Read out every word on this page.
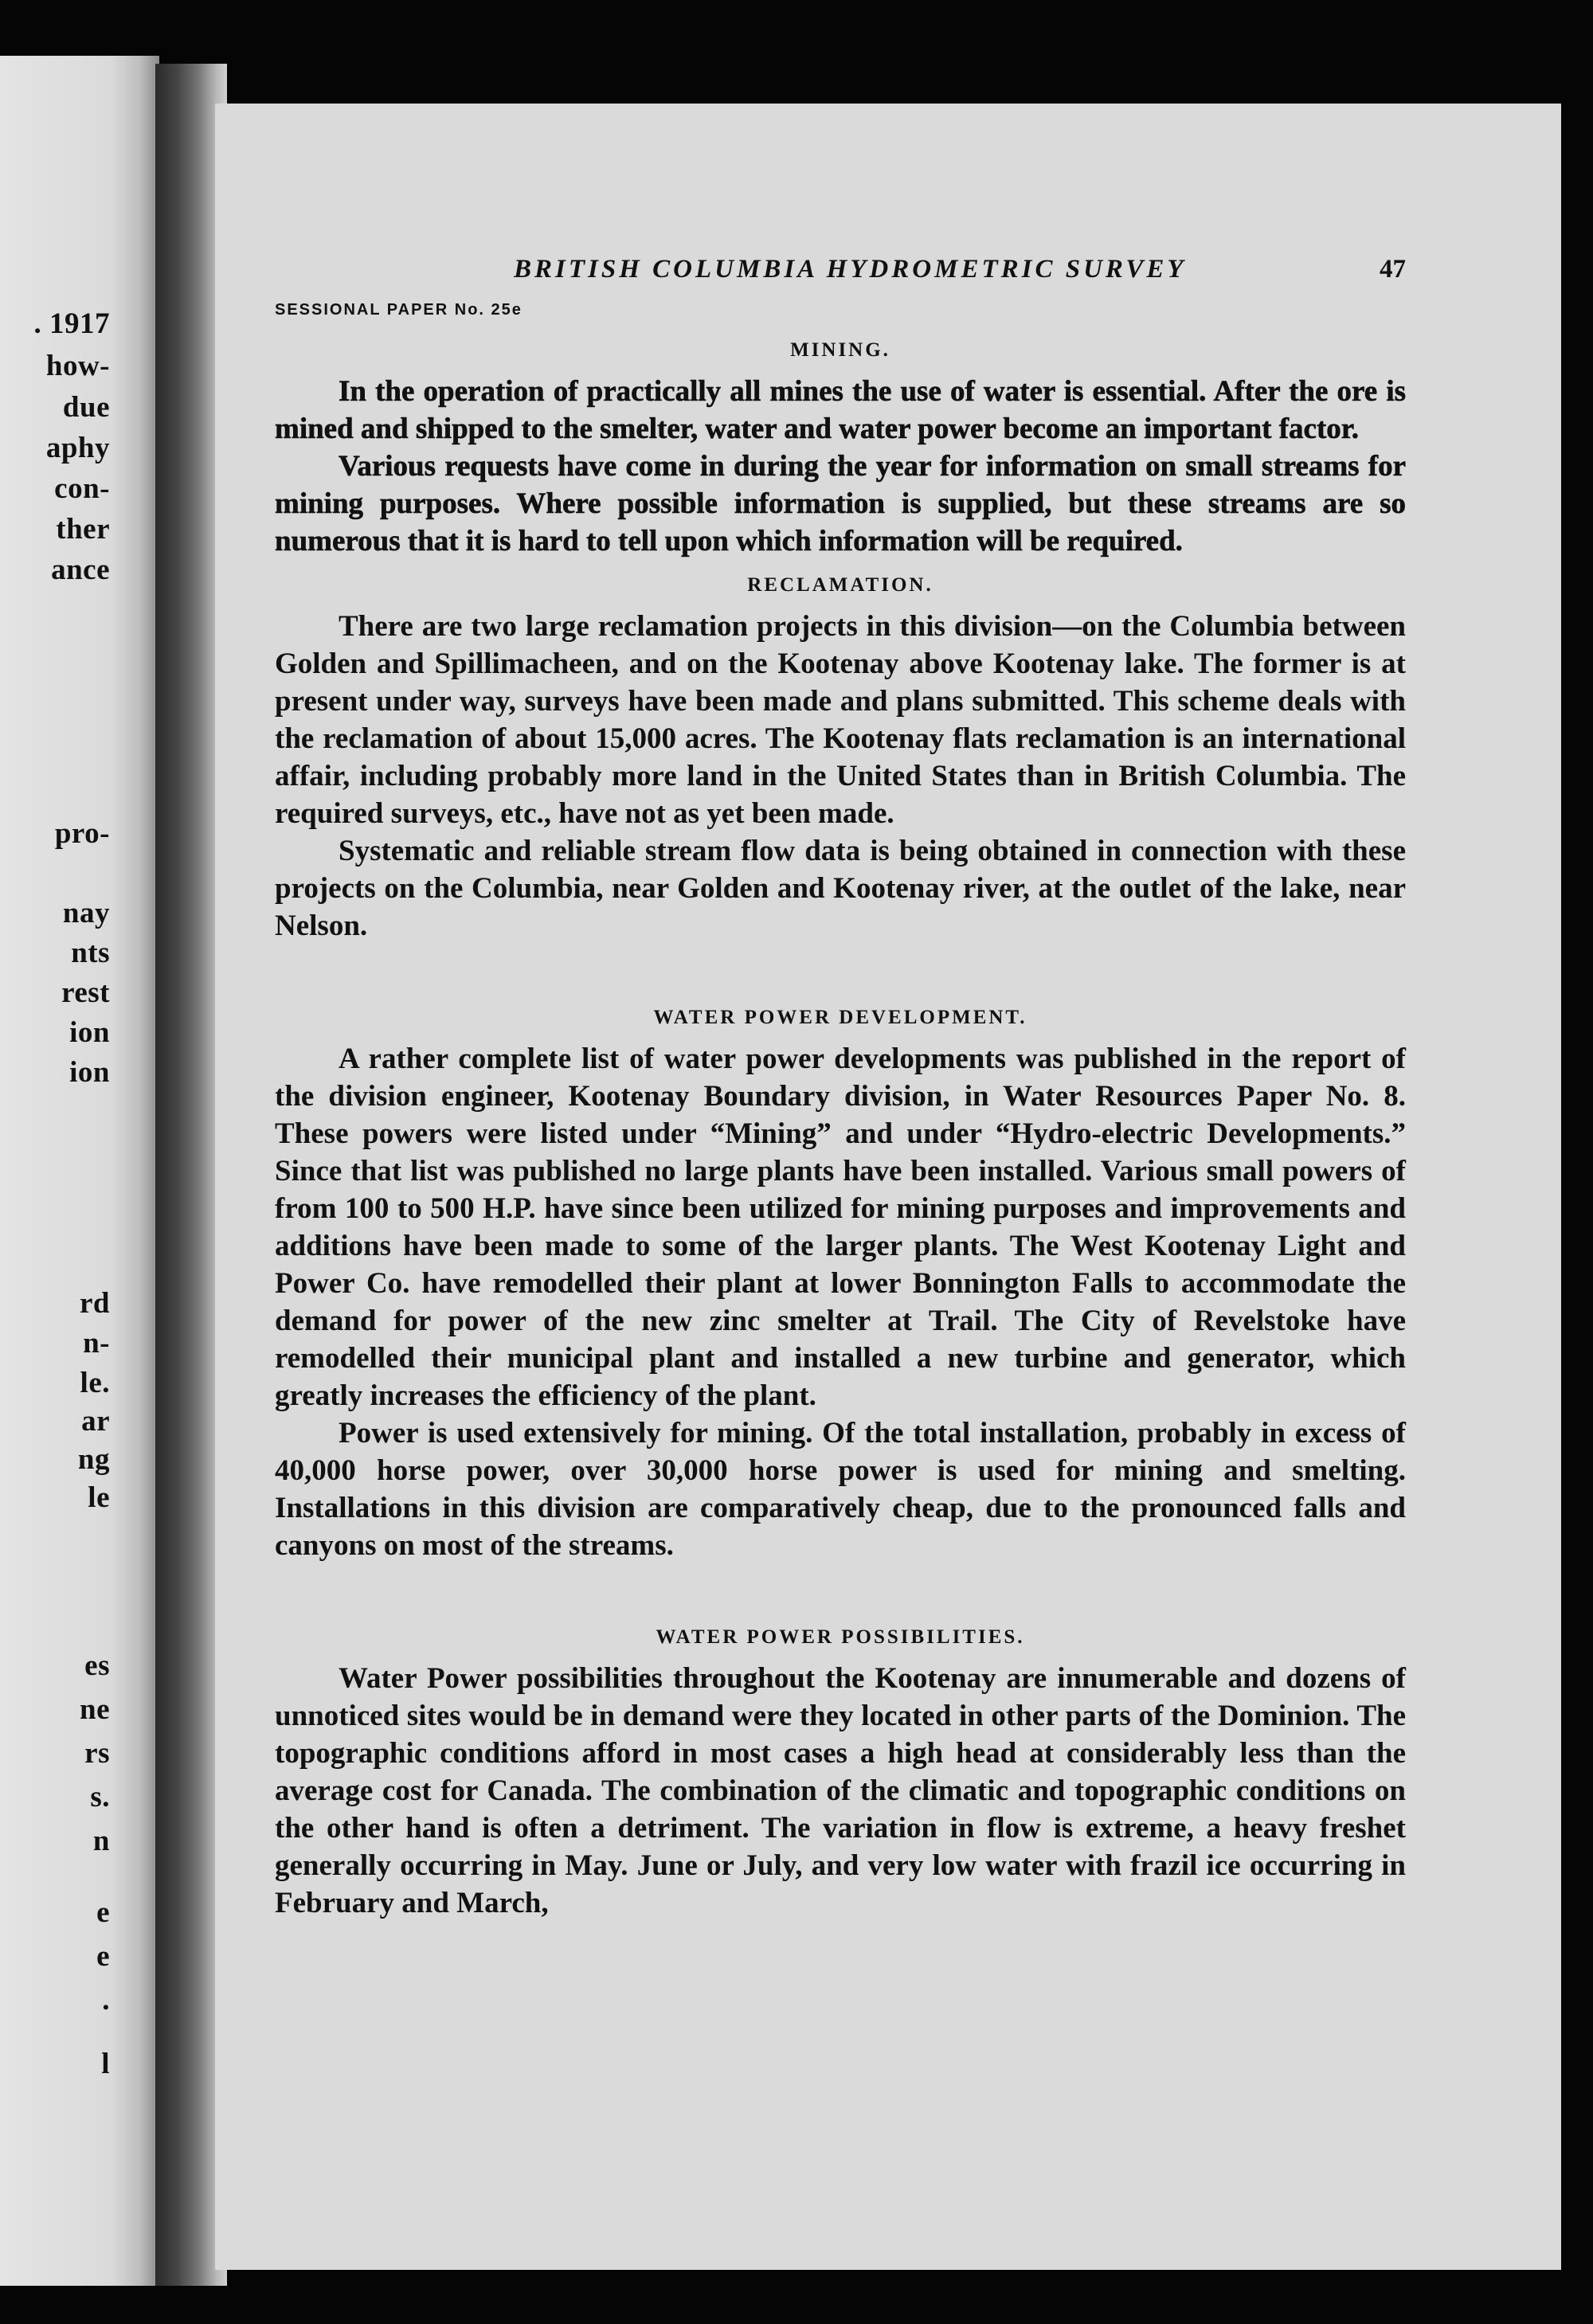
. 1917
how-
due
aphy
con-
ther
ance
pro-
nay
nts
rest
ion
ion
rd
n-
le.
ar
ng
le
es
ne
rs
s.
n
e
e
.
l
BRITISH COLUMBIA HYDROMETRIC SURVEY	47
SESSIONAL PAPER No. 25e
MINING.

In the operation of practically all mines the use of water is essential. After the ore is mined and shipped to the smelter, water and water power become an important factor.

Various requests have come in during the year for information on small streams for mining purposes. Where possible information is supplied, but these streams are so numerous that it is hard to tell upon which information will be required.

RECLAMATION.

There are two large reclamation projects in this division—on the Columbia between Golden and Spillimacheen, and on the Kootenay above Kootenay lake. The former is at present under way, surveys have been made and plans submitted. This scheme deals with the reclamation of about 15,000 acres. The Kootenay flats reclamation is an international affair, including probably more land in the United States than in British Columbia. The required surveys, etc., have not as yet been made.

Systematic and reliable stream flow data is being obtained in connection with these projects on the Columbia, near Golden and Kootenay river, at the outlet of the lake, near Nelson.

WATER POWER DEVELOPMENT.

A rather complete list of water power developments was published in the report of the division engineer, Kootenay Boundary division, in Water Resources Paper No. 8. These powers were listed under “Mining” and under “Hydro-electric Developments.” Since that list was published no large plants have been installed. Various small powers of from 100 to 500 H.P. have since been utilized for mining purposes and improvements and additions have been made to some of the larger plants. The West Kootenay Light and Power Co. have remodelled their plant at lower Bonnington Falls to accommodate the demand for power of the new zinc smelter at Trail. The City of Revelstoke have remodelled their municipal plant and installed a new turbine and generator, which greatly increases the efficiency of the plant.

Power is used extensively for mining. Of the total installation, probably in excess of 40,000 horse power, over 30,000 horse power is used for mining and smelting. Installations in this division are comparatively cheap, due to the pronounced falls and canyons on most of the streams.

WATER POWER POSSIBILITIES.

Water Power possibilities throughout the Kootenay are innumerable and dozens of unnoticed sites would be in demand were they located in other parts of the Dominion. The topographic conditions afford in most cases a high head at considerably less than the average cost for Canada. The combination of the climatic and topographic conditions on the other hand is often a detriment. The variation in flow is extreme, a heavy freshet generally occurring in May. June or July, and very low water with frazil ice occurring in February and March,
